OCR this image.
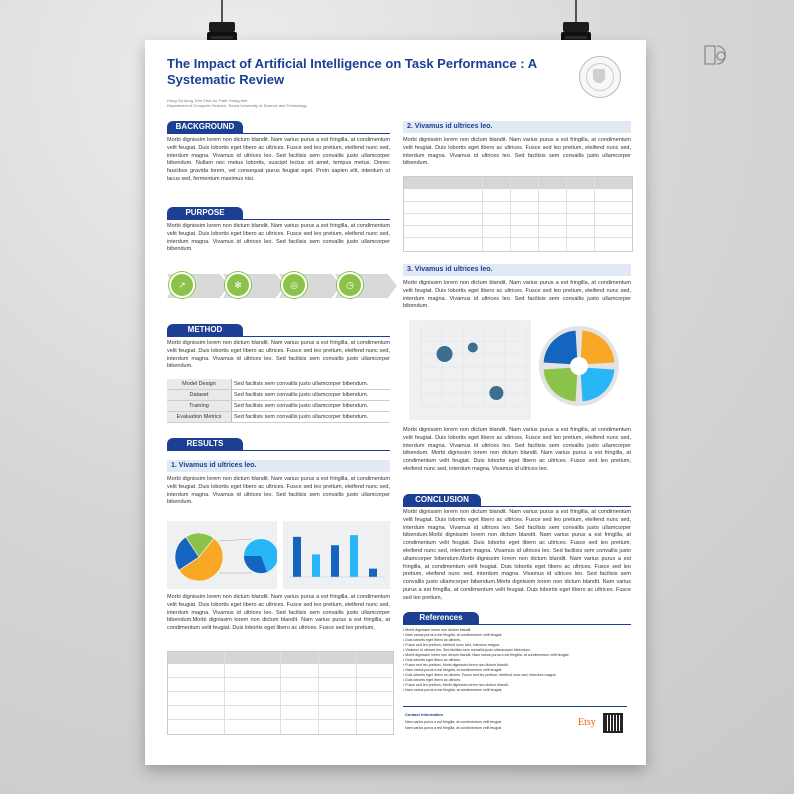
The Impact of Artificial Intelligence on Task Performance : A Systematic Review
Hong Gil-dong, Kim Chul-su, Park Young-hee
Department of Computer Science, Korea University of Science and Technology
BACKGROUND

Morbi dignissim lorem non dictum blandit. Nam varius purus a est fringilla, at condimentum velit feugiat. Duis lobortis eget libero ac ultrices. Fusce sed leo pretium, eleifend nunc sed, interdum magna. Vivamus id ultrices leo. Sed facilisis sem convallis justo ullamcorper bibendum. Nullam nec metus lobortis, suscipit lectus sit amet, tempus metus. Donec faucibus gravida lorem, vel consequat purus feugiat eget. Proin sapien elit, interdum ut lacus sed, fermentum maximus nisi.

PURPOSE

Morbi dignissim lorem non dictum blandit. Nam varius purus a est fringilla, at condimentum velit feugiat. Duis lobortis eget libero ac ultrices. Fusce sed leo pretium, eleifend nunc sed, interdum magna. Vivamus id ultrices leo. Sed facilisis sem convallis justo ullamcorper bibendum.

↗	✻	◎	◷
METHOD

Morbi dignissim lorem non dictum blandit. Nam varius purus a est fringilla, at condimentum velit feugiat. Duis lobortis eget libero ac ultrices. Fusce sed leo pretium, eleifend nunc sed, interdum magna. Vivamus id ultrices leo. Sed facilisis sem convallis justo ullamcorper bibendum.

Model Design	Sed facilisis sem convallis justo ullamcorper bibendum.
Dataset	Sed facilisis sem convallis justo ullamcorper bibendum.
Training	Sed facilisis sem convallis justo ullamcorper bibendum.
Evaluation Metrics	Sed facilisis sem convallis justo ullamcorper bibendum.
RESULTS
1. Vivamus id ultrices leo.

Morbi dignissim lorem non dictum blandit. Nam varius purus a est fringilla, at condimentum velit feugiat. Duis lobortis eget libero ac ultrices. Fusce sed leo pretium, eleifend nunc sed, interdum magna. Vivamus id ultrices leo. Sed facilisis sem convallis justo ullamcorper bibendum.

Morbi dignissim lorem non dictum blandit. Nam varius purus a est fringilla, at condimentum velit feugiat. Duis lobortis eget libero ac ultrices. Fusce sed leo pretium, eleifend nunc sed, interdum magna. Vivamus id ultrices leo. Sed facilisis sem convallis justo ullamcorper bibendum.Morbi dignissim lorem non dictum blandit. Nam varius purus a est fringilla, at condimentum velit feugiat. Duis lobortis eget libero ac ultrices. Fusce sed leo pretium,

2. Vivamus id ultrices leo.

Morbi dignissim lorem non dictum blandit. Nam varius purus a est fringilla, at condimentum velit feugiat. Duis lobortis eget libero ac ultrices. Fusce sed leo pretium, eleifend nunc sed, interdum magna. Vivamus id ultrices leo. Sed facilisis sem convallis justo ullamcorper bibendum.

3. Vivamus id ultrices leo.

Morbi dignissim lorem non dictum blandit. Nam varius purus a est fringilla, at condimentum velit feugiat. Duis lobortis eget libero ac ultrices. Fusce sed leo pretium, eleifend nunc sed, interdum magna. Vivamus id ultrices leo. Sed facilisis sem convallis justo ullamcorper bibendum.

Morbi dignissim lorem non dictum blandit. Nam varius purus a est fringilla, at condimentum velit feugiat. Duis lobortis eget libero ac ultrices. Fusce sed leo pretium, eleifend nunc sed, interdum magna. Vivamus id ultrices leo. Sed facilisis sem convallis justo ullamcorper bibendum. Morbi dignissim lorem non dictum blandit. Nam varius purus a est fringilla, at condimentum velit feugiat. Duis lobortis eget libero ac ultrices. Fusce sed leo pretium, eleifend nunc sed, interdum magna. Vivamus id ultrices leo.

CONCLUSION

Morbi dignissim lorem non dictum blandit. Nam varius purus a est fringilla, at condimentum velit feugiat. Duis lobortis eget libero ac ultrices. Fusce sed leo pretium, eleifend nunc sed, interdum magna. Vivamus id ultrices leo. Sed facilisis sem convallis justo ullamcorper bibendum.Morbi dignissim lorem non dictum blandit. Nam varius purus a est fringilla, at condimentum velit feugiat. Duis lobortis eget libero ac ultrices. Fusce sed leo pretium, eleifend nunc sed, interdum magna. Vivamus id ultrices leo. Sed facilisis sem convallis justo ullamcorper bibendum.Morbi dignissim lorem non dictum blandit. Nam varius purus a est fringilla, at condimentum velit feugiat. Duis lobortis eget libero ac ultrices. Fusce sed leo pretium, eleifend nunc sed, interdum magna. Vivamus id ultrices leo. Sed facilisis sem convallis justo ullamcorper bibendum.Morbi dignissim lorem non dictum blandit. Nam varius purus a est fringilla, at condimentum velit feugiat. Duis lobortis eget libero ac ultrices. Fusce sed leo pretium,

References
• Morbi dignissim lorem non dictum blandit.
• Nam varius purus a est fringilla, at condimentum velit feugiat.
• Duis lobortis eget libero ac ultrices.
• Fusce sed leo pretium, eleifend nunc sed, interdum magna.
• Vivamus id ultrices leo. Sed facilisis sem convallis justo ullamcorper bibendum.
• Morbi dignissim lorem non dictum blandit. Nam varius purus a est fringilla, at condimentum velit feugiat.
• Duis lobortis eget libero ac ultrices.
• Fusce sed leo pretium, Morbi dignissim lorem non dictum blandit.
• Nam varius purus a est fringilla, at condimentum velit feugiat.
• Duis lobortis eget libero ac ultrices. Fusce sed leo pretium, eleifend nunc sed, interdum magna.
• Duis lobortis eget libero ac ultrices.
• Fusce sed leo pretium, Morbi dignissim lorem non dictum blandit.
• Nam varius purus a est fringilla, at condimentum velit feugiat.
Contact information
Nam varius purus a est fringilla, at condimentum velit feugiat.
Nam varius purus a est fringilla, at condimentum velit feugiat.	Etsy
